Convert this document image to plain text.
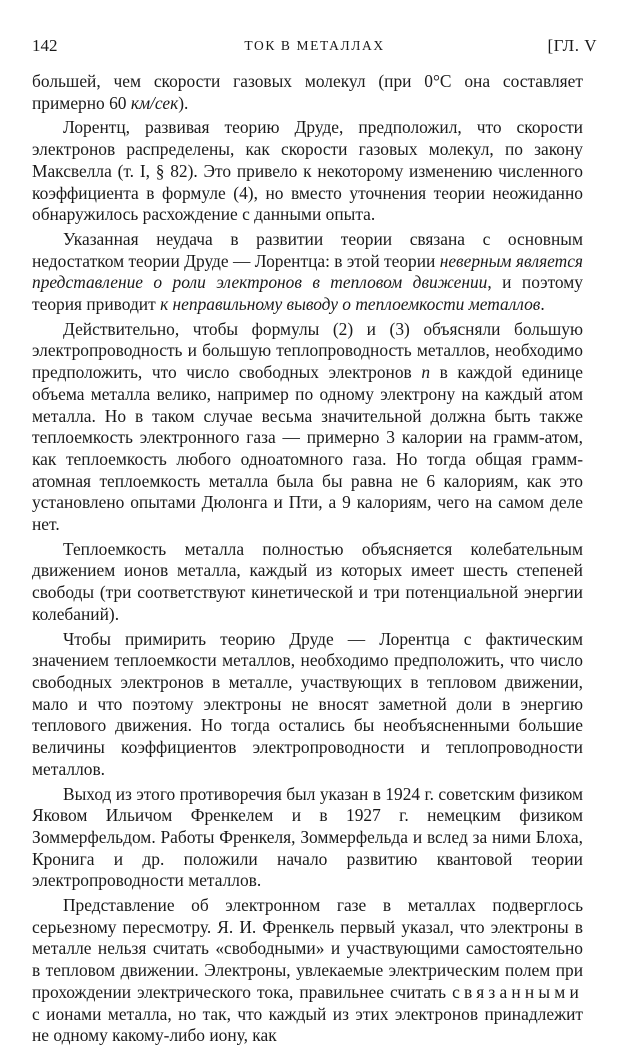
142	ТОК В МЕТАЛЛАХ	[ГЛ. V

большей, чем скорости газовых молекул (при 0°С она составляет примерно 60 км/сек).

Лорентц, развивая теорию Друде, предположил, что скорости электронов распределены, как скорости газовых молекул, по закону Максвелла (т. I, § 82). Это привело к некоторому изменению численного коэффициента в формуле (4), но вместо уточнения теории неожиданно обнаружилось расхождение с данными опыта.

Указанная неудача в развитии теории связана с основным недостатком теории Друде — Лорентца: в этой теории неверным является представление о роли электронов в тепловом движении, и поэтому теория приводит к неправильному выводу о теплоемкости металлов.

Действительно, чтобы формулы (2) и (3) объясняли большую электропроводность и большую теплопроводность металлов, необходимо предположить, что число свободных электронов n в каждой единице объема металла велико, например по одному электрону на каждый атом металла. Но в таком случае весьма значительной должна быть также теплоемкость электронного газа — примерно 3 калории на грамм-атом, как теплоемкость любого одноатомного газа. Но тогда общая грамм-атомная теплоемкость металла была бы равна не 6 калориям, как это установлено опытами Дюлонга и Пти, а 9 калориям, чего на самом деле нет.

Теплоемкость металла полностью объясняется колебательным движением ионов металла, каждый из которых имеет шесть степеней свободы (три соответствуют кинетической и три потенциальной энергии колебаний).

Чтобы примирить теорию Друде — Лорентца с фактическим значением теплоемкости металлов, необходимо предположить, что число свободных электронов в металле, участвующих в тепловом движении, мало и что поэтому электроны не вносят заметной доли в энергию теплового движения. Но тогда остались бы необъясненными большие величины коэффициентов электропроводности и теплопроводности металлов.

Выход из этого противоречия был указан в 1924 г. советским физиком Яковом Ильичом Френкелем и в 1927 г. немецким физиком Зоммерфельдом. Работы Френкеля, Зоммерфельда и вслед за ними Блоха, Кронига и др. положили начало развитию квантовой теории электропроводности металлов.

Представление об электронном газе в металлах подверглось серьезному пересмотру. Я. И. Френкель первый указал, что электроны в металле нельзя считать «свободными» и участвующими самостоятельно в тепловом движении. Электроны, увлекаемые электрическим полем при прохождении электрического тока, правильнее считать связанными с ионами металла, но так, что каждый из этих электронов принадлежит не одному какому-либо иону, как
